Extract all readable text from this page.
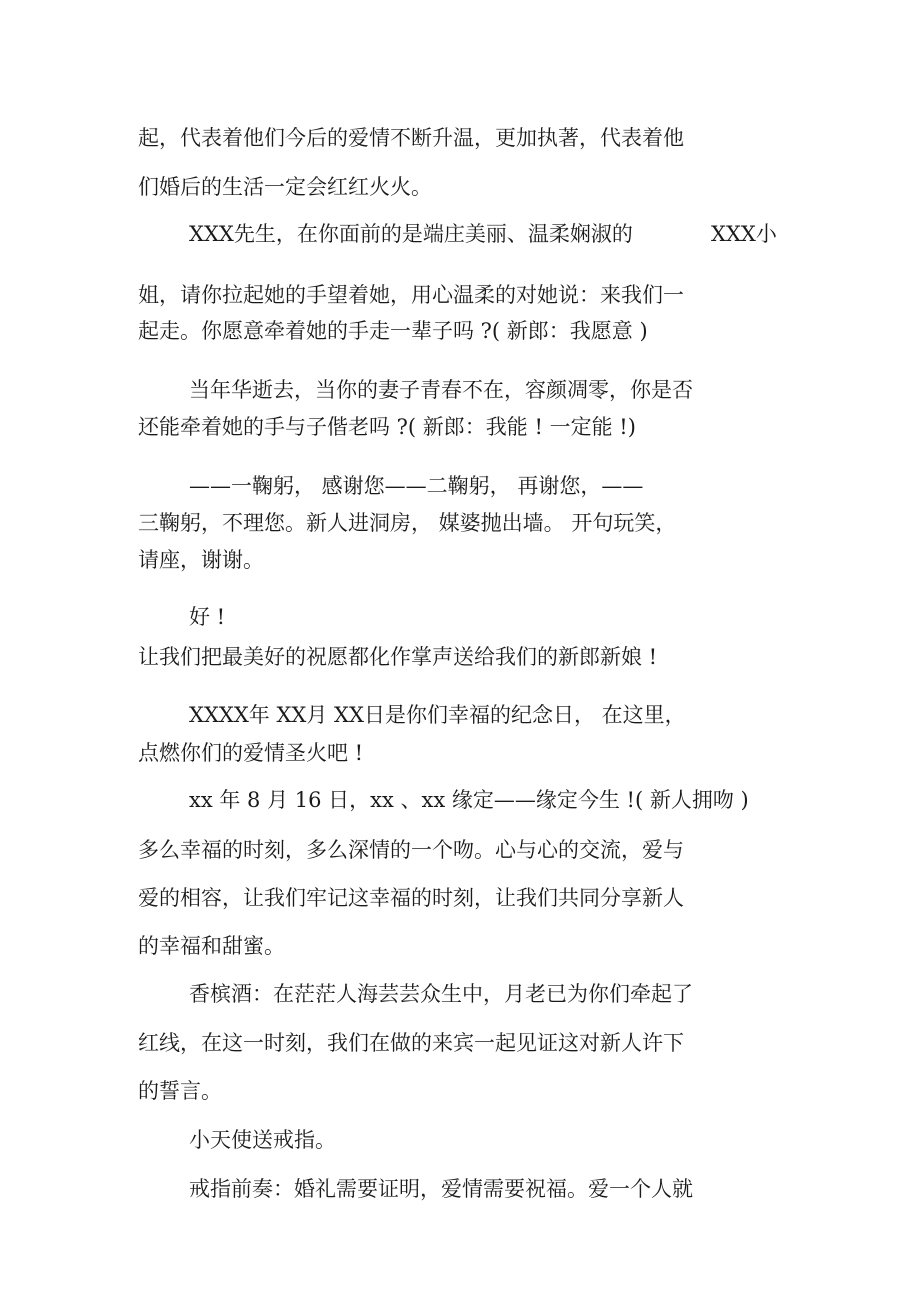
起，代表着他们今后的爱情不断升温，更加执著，代表着他

们婚后的生活一定会红红火火。

XXX先生，在你面前的是端庄美丽、温柔娴淑的	XXX小

姐，请你拉起她的手望着她，用心温柔的对她说：来我们一

起走。你愿意牵着她的手走一辈子吗 ?( 新郎：我愿意 )

当年华逝去，当你的妻子青春不在，容颜凋零，你是否

还能牵着她的手与子偕老吗 ?( 新郎：我能 ! 一定能 !)

——一鞠躬， 感谢您——二鞠躬， 再谢您，——

三鞠躬，不理您。新人进洞房， 媒婆抛出墙。 开句玩笑，

请座，谢谢。

好 !

让我们把最美好的祝愿都化作掌声送给我们的新郎新娘 !

XXXX年 XX月 XX日是你们幸福的纪念日， 在这里，

点燃你们的爱情圣火吧 !

xx 年 8 月 16 日，xx 、xx 缘定——缘定今生 !( 新人拥吻 )

多么幸福的时刻，多么深情的一个吻。心与心的交流，爱与

爱的相容，让我们牢记这幸福的时刻，让我们共同分享新人

的幸福和甜蜜。

香槟酒：在茫茫人海芸芸众生中，月老已为你们牵起了

红线，在这一时刻，我们在做的来宾一起见证这对新人许下

的誓言。

小天使送戒指。

戒指前奏：婚礼需要证明，爱情需要祝福。爱一个人就
